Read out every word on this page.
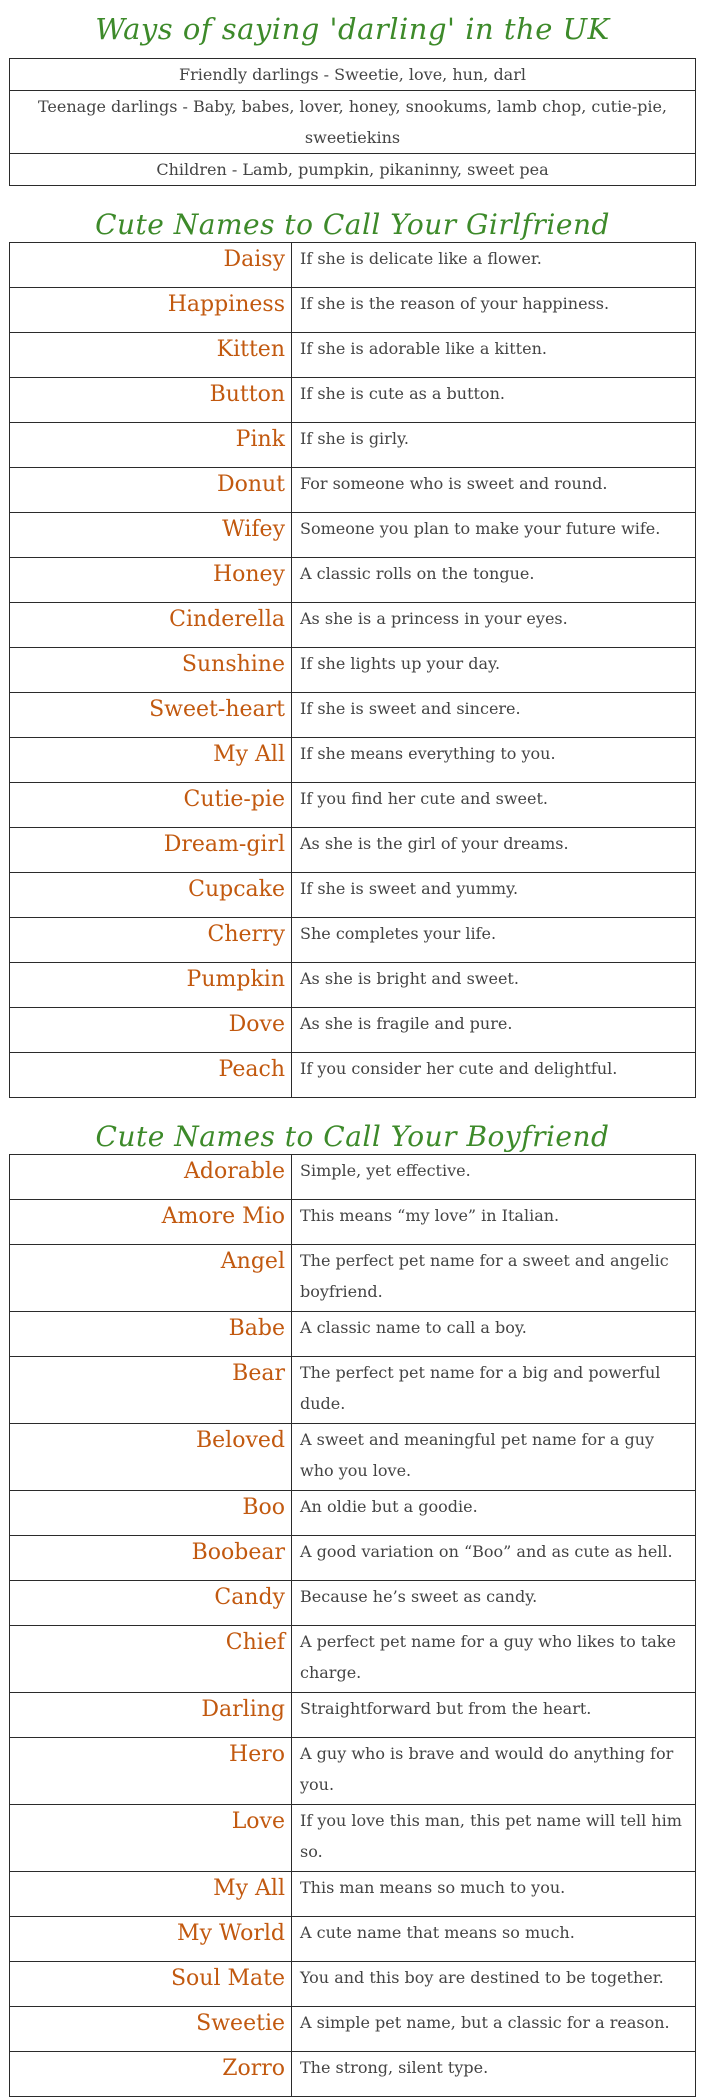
Ways of saying 'darling' in the UK	
Friendly darlings - Sweetie, love, hun, darl	
Teenage darlings - Baby, babes, lover, honey, snookums, lamb chop, cutie-pie, sweetiekins	
Children - Lamb, pumpkin, pikaninny, sweet pea	
Cute Names to Call Your Girlfriend	
Daisy	If she is delicate like a flower.
Happiness	If she is the reason of your happiness.
Kitten	If she is adorable like a kitten.
Button	If she is cute as a button.
Pink	If she is girly.
Donut	For someone who is sweet and round.
Wifey	Someone you plan to make your future wife.
Honey	A classic rolls on the tongue.
Cinderella	As she is a princess in your eyes.
Sunshine	If she lights up your day.
Sweet-heart	If she is sweet and sincere.
My All	If she means everything to you.
Cutie-pie	If you find her cute and sweet.
Dream-girl	As she is the girl of your dreams.
Cupcake	If she is sweet and yummy.
Cherry	She completes your life.
Pumpkin	As she is bright and sweet.
Dove	As she is fragile and pure.
Peach	If you consider her cute and delightful.
Cute Names to Call Your Boyfriend	
Adorable	Simple, yet effective.
Amore Mio	This means “my love” in Italian.
Angel	The perfect pet name for a sweet and angelic boyfriend.
Babe	A classic name to call a boy.
Bear	The perfect pet name for a big and powerful dude.
Beloved	A sweet and meaningful pet name for a guy who you love.
Boo	An oldie but a goodie.
Boobear	A good variation on “Boo” and as cute as hell.
Candy	Because he’s sweet as candy.
Chief	A perfect pet name for a guy who likes to take charge.
Darling	Straightforward but from the heart.
Hero	A guy who is brave and would do anything for you.
Love	If you love this man, this pet name will tell him so.
My All	This man means so much to you.
My World	A cute name that means so much.
Soul Mate	You and this boy are destined to be together.
Sweetie	A simple pet name, but a classic for a reason.
Zorro	The strong, silent type.
